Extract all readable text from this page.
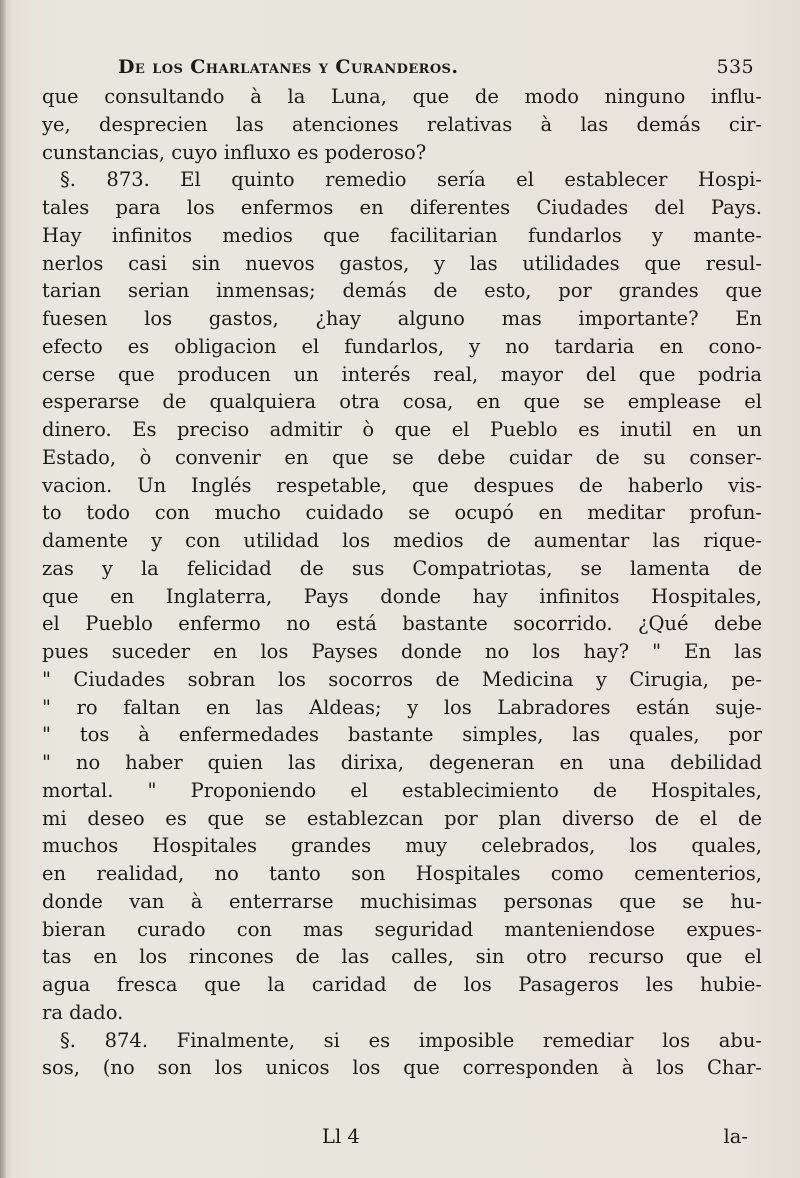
De los Charlatanes y Curanderos.	535
que consultando à la Luna, que de modo ninguno influ-
ye, desprecien las atenciones relativas à las demás cir-
cunstancias, cuyo influxo es poderoso?
§. 873. El quinto remedio sería el establecer Hospi-
tales para los enfermos en diferentes Ciudades del Pays.
Hay infinitos medios que facilitarian fundarlos y mante-
nerlos casi sin nuevos gastos, y las utilidades que resul-
tarian serian inmensas; demás de esto, por grandes que
fuesen los gastos, ¿hay alguno mas importante? En
efecto es obligacion el fundarlos, y no tardaria en cono-
cerse que producen un interés real, mayor del que podria
esperarse de qualquiera otra cosa, en que se emplease el
dinero. Es preciso admitir ò que el Pueblo es inutil en un
Estado, ò convenir en que se debe cuidar de su conser-
vacion. Un Inglés respetable, que despues de haberlo vis-
to todo con mucho cuidado se ocupó en meditar profun-
damente y con utilidad los medios de aumentar las rique-
zas y la felicidad de sus Compatriotas, se lamenta de
que en Inglaterra, Pays donde hay infinitos Hospitales,
el Pueblo enfermo no está bastante socorrido. ¿Qué debe
pues suceder en los Payses donde no los hay? " En las
" Ciudades sobran los socorros de Medicina y Cirugia, pe-
" ro faltan en las Aldeas; y los Labradores están suje-
" tos à enfermedades bastante simples, las quales, por
" no haber quien las dirixa, degeneran en una debilidad
mortal. " Proponiendo el establecimiento de Hospitales,
mi deseo es que se establezcan por plan diverso de el de
muchos Hospitales grandes muy celebrados, los quales,
en realidad, no tanto son Hospitales como cementerios,
donde van à enterrarse muchisimas personas que se hu-
bieran curado con mas seguridad manteniendose expues-
tas en los rincones de las calles, sin otro recurso que el
agua fresca que la caridad de los Pasageros les hubie-
ra dado.
§. 874. Finalmente, si es imposible remediar los abu-
sos, (no son los unicos los que corresponden à los Char-
Ll 4	la-
